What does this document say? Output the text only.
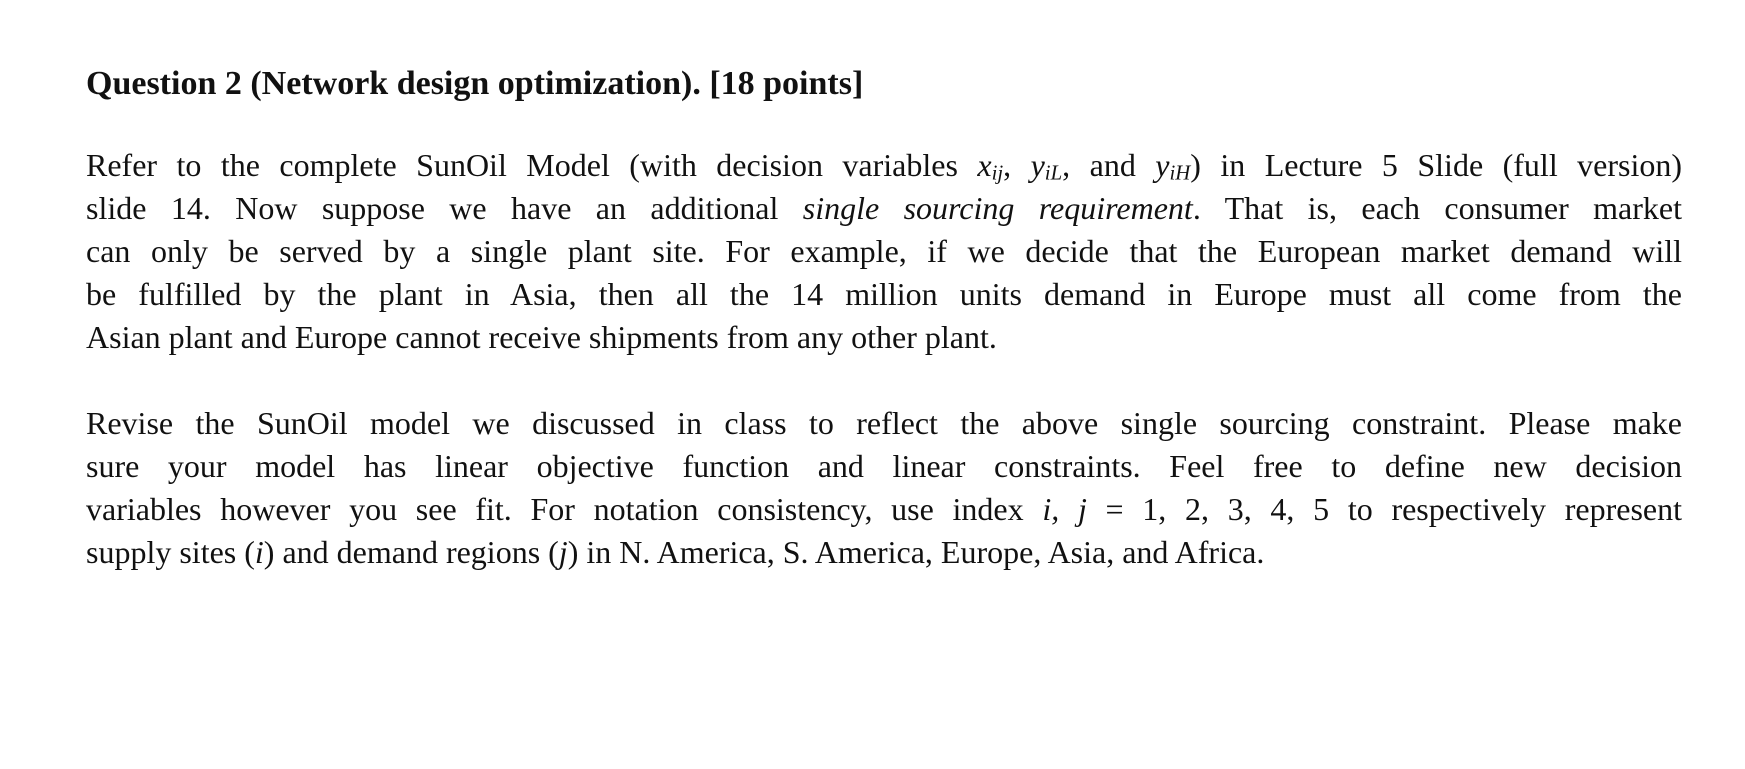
Question 2 (Network design optimization). [18 points]
Refer to the complete SunOil Model (with decision variables $x_{ij}$, $y_{iL}$, and $y_{iH}$) in Lecture 5 Slide (full version)
slide 14. Now suppose we have an additional single sourcing requirement. That is, each consumer market
can only be served by a single plant site. For example, if we decide that the European market demand will
be fulfilled by the plant in Asia, then all the 14 million units demand in Europe must all come from the
Asian plant and Europe cannot receive shipments from any other plant.
Revise the SunOil model we discussed in class to reflect the above single sourcing constraint. Please make
sure your model has linear objective function and linear constraints. Feel free to define new decision
variables however you see fit. For notation consistency, use index i, j = 1, 2, 3, 4, 5 to respectively represent
supply sites (i) and demand regions (j) in N. America, S. America, Europe, Asia, and Africa.
